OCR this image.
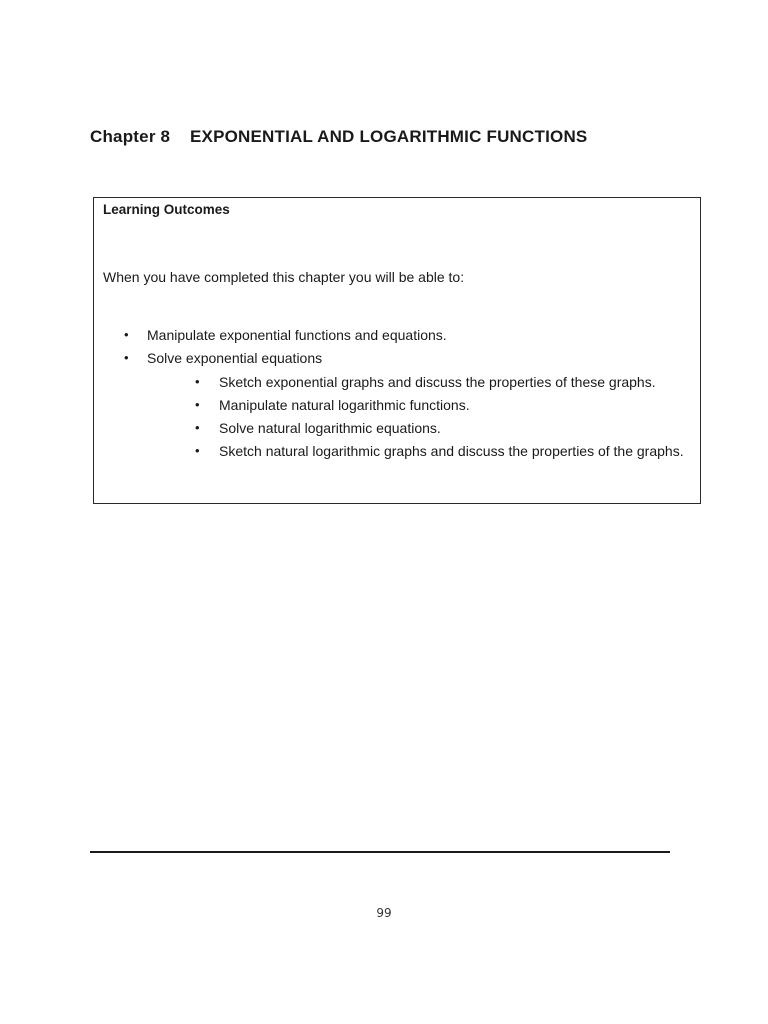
Chapter 8 EXPONENTIAL AND LOGARITHMIC FUNCTIONS
Learning Outcomes
When you have completed this chapter you will be able to:
• Manipulate exponential functions and equations.
• Solve exponential equations
• Sketch exponential graphs and discuss the properties of these graphs.
• Manipulate natural logarithmic functions.
• Solve natural logarithmic equations.
• Sketch natural logarithmic graphs and discuss the properties of the graphs.
99
